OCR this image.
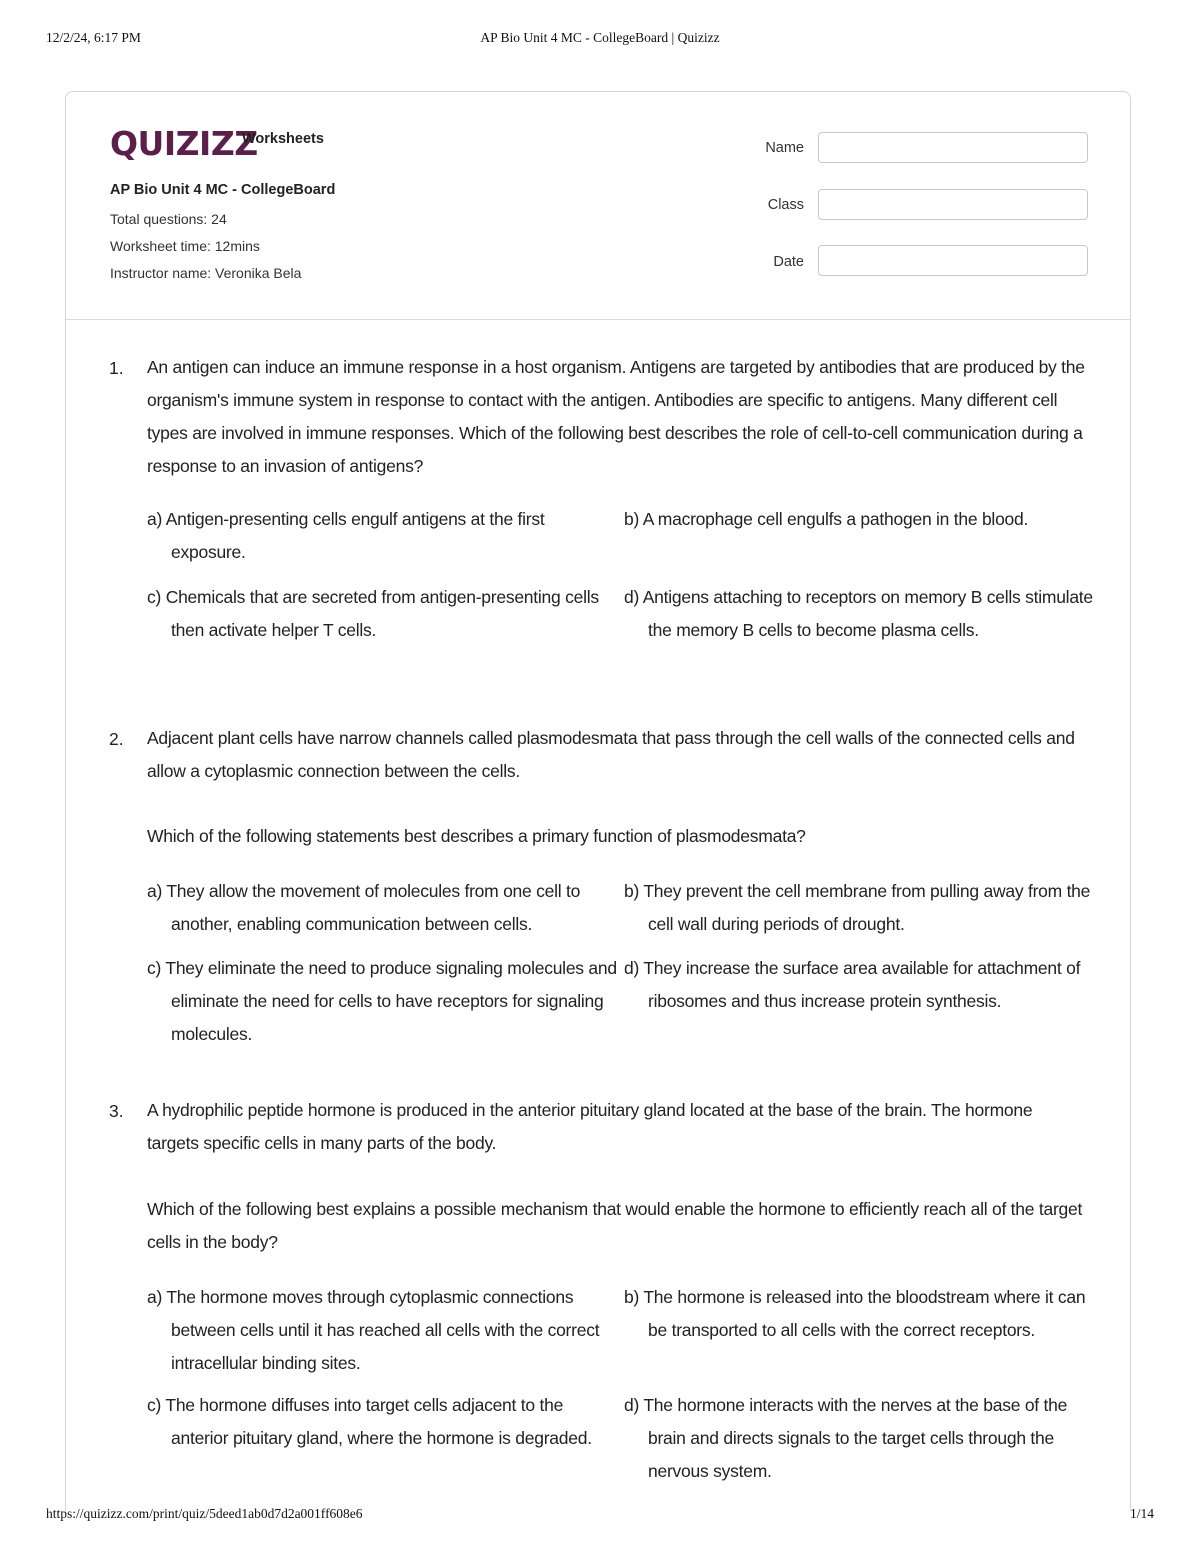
12/2/24, 6:17 PM	AP Bio Unit 4 MC - CollegeBoard | Quizizz
QUIZIZZ
Worksheets
AP Bio Unit 4 MC - CollegeBoard
Total questions: 24
Worksheet time: 12mins
Instructor name: Veronika Bela
Name
Class
Date
1. An antigen can induce an immune response in a host organism. Antigens are targeted by antibodies that are produced by the organism's immune system in response to contact with the antigen. Antibodies are specific to antigens. Many different cell types are involved in immune responses. Which of the following best describes the role of cell-to-cell communication during a response to an invasion of antigens?
a) Antigen-presenting cells engulf antigens at the first exposure.
b) A macrophage cell engulfs a pathogen in the blood.
c) Chemicals that are secreted from antigen-presenting cells then activate helper T cells.
d) Antigens attaching to receptors on memory B cells stimulate the memory B cells to become plasma cells.
2. Adjacent plant cells have narrow channels called plasmodesmata that pass through the cell walls of the connected cells and allow a cytoplasmic connection between the cells.
Which of the following statements best describes a primary function of plasmodesmata?
a) They allow the movement of molecules from one cell to another, enabling communication between cells.
b) They prevent the cell membrane from pulling away from the cell wall during periods of drought.
c) They eliminate the need to produce signaling molecules and eliminate the need for cells to have receptors for signaling molecules.
d) They increase the surface area available for attachment of ribosomes and thus increase protein synthesis.
3. A hydrophilic peptide hormone is produced in the anterior pituitary gland located at the base of the brain. The hormone targets specific cells in many parts of the body.
Which of the following best explains a possible mechanism that would enable the hormone to efficiently reach all of the target cells in the body?
a) The hormone moves through cytoplasmic connections between cells until it has reached all cells with the correct intracellular binding sites.
b) The hormone is released into the bloodstream where it can be transported to all cells with the correct receptors.
c) The hormone diffuses into target cells adjacent to the anterior pituitary gland, where the hormone is degraded.
d) The hormone interacts with the nerves at the base of the brain and directs signals to the target cells through the nervous system.
https://quizizz.com/print/quiz/5deed1ab0d7d2a001ff608e6	1/14
